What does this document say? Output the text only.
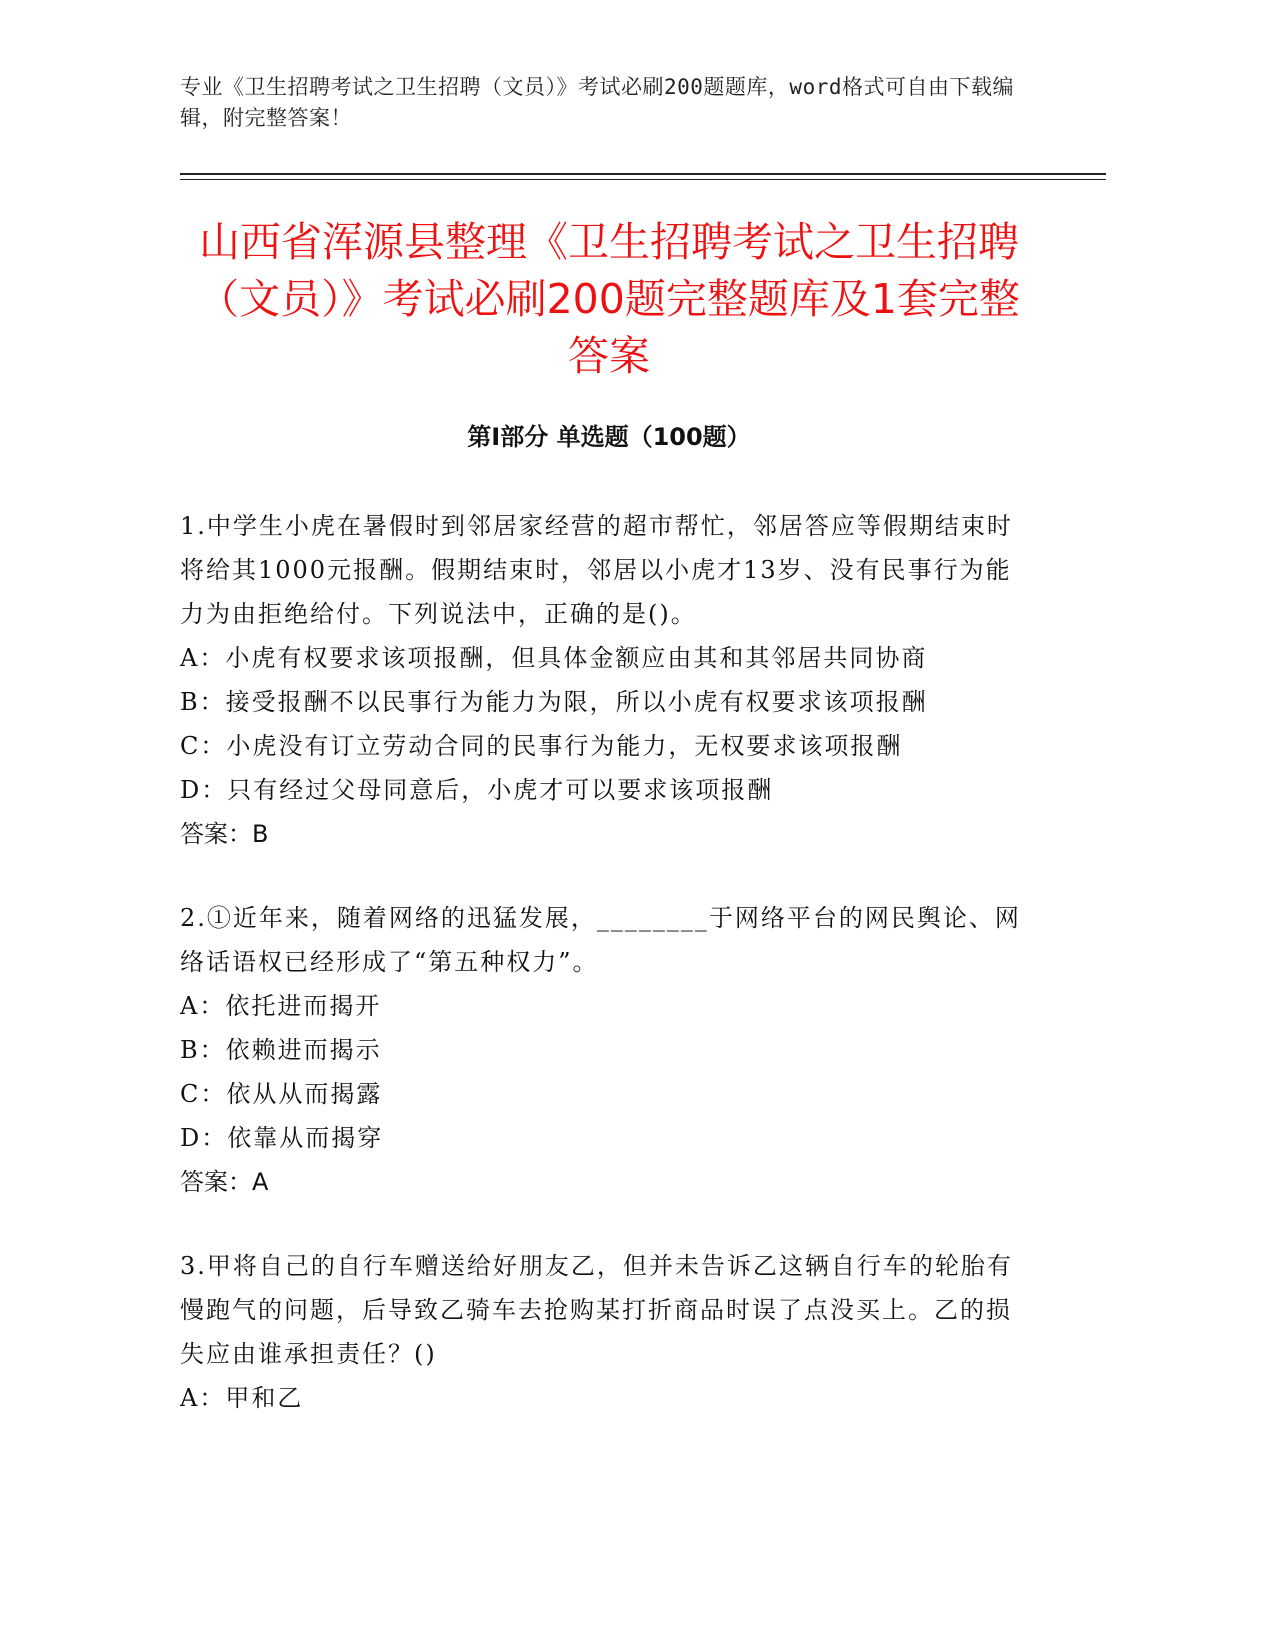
专业《卫生招聘考试之卫生招聘（文员）》考试必刷200题题库，word格式可自由下载编辑，附完整答案！
山西省浑源县整理《卫生招聘考试之卫生招聘（文员）》考试必刷200题完整题库及1套完整答案
第Ⅰ部分 单选题（100题）

1.中学生小虎在暑假时到邻居家经营的超市帮忙，邻居答应等假期结束时将给其1000元报酬。假期结束时，邻居以小虎才13岁、没有民事行为能力为由拒绝给付。下列说法中，正确的是()。

A：小虎有权要求该项报酬，但具体金额应由其和其邻居共同协商

B：接受报酬不以民事行为能力为限，所以小虎有权要求该项报酬

C：小虎没有订立劳动合同的民事行为能力，无权要求该项报酬

D：只有经过父母同意后，小虎才可以要求该项报酬

答案：B

2.①近年来，随着网络的迅猛发展，________于网络平台的网民舆论、网络话语权已经形成了“第五种权力”。

A：依托进而揭开

B：依赖进而揭示

C：依从从而揭露

D：依靠从而揭穿

答案：A

3.甲将自己的自行车赠送给好朋友乙，但并未告诉乙这辆自行车的轮胎有慢跑气的问题，后导致乙骑车去抢购某打折商品时误了点没买上。乙的损失应由谁承担责任？()

A：甲和乙
